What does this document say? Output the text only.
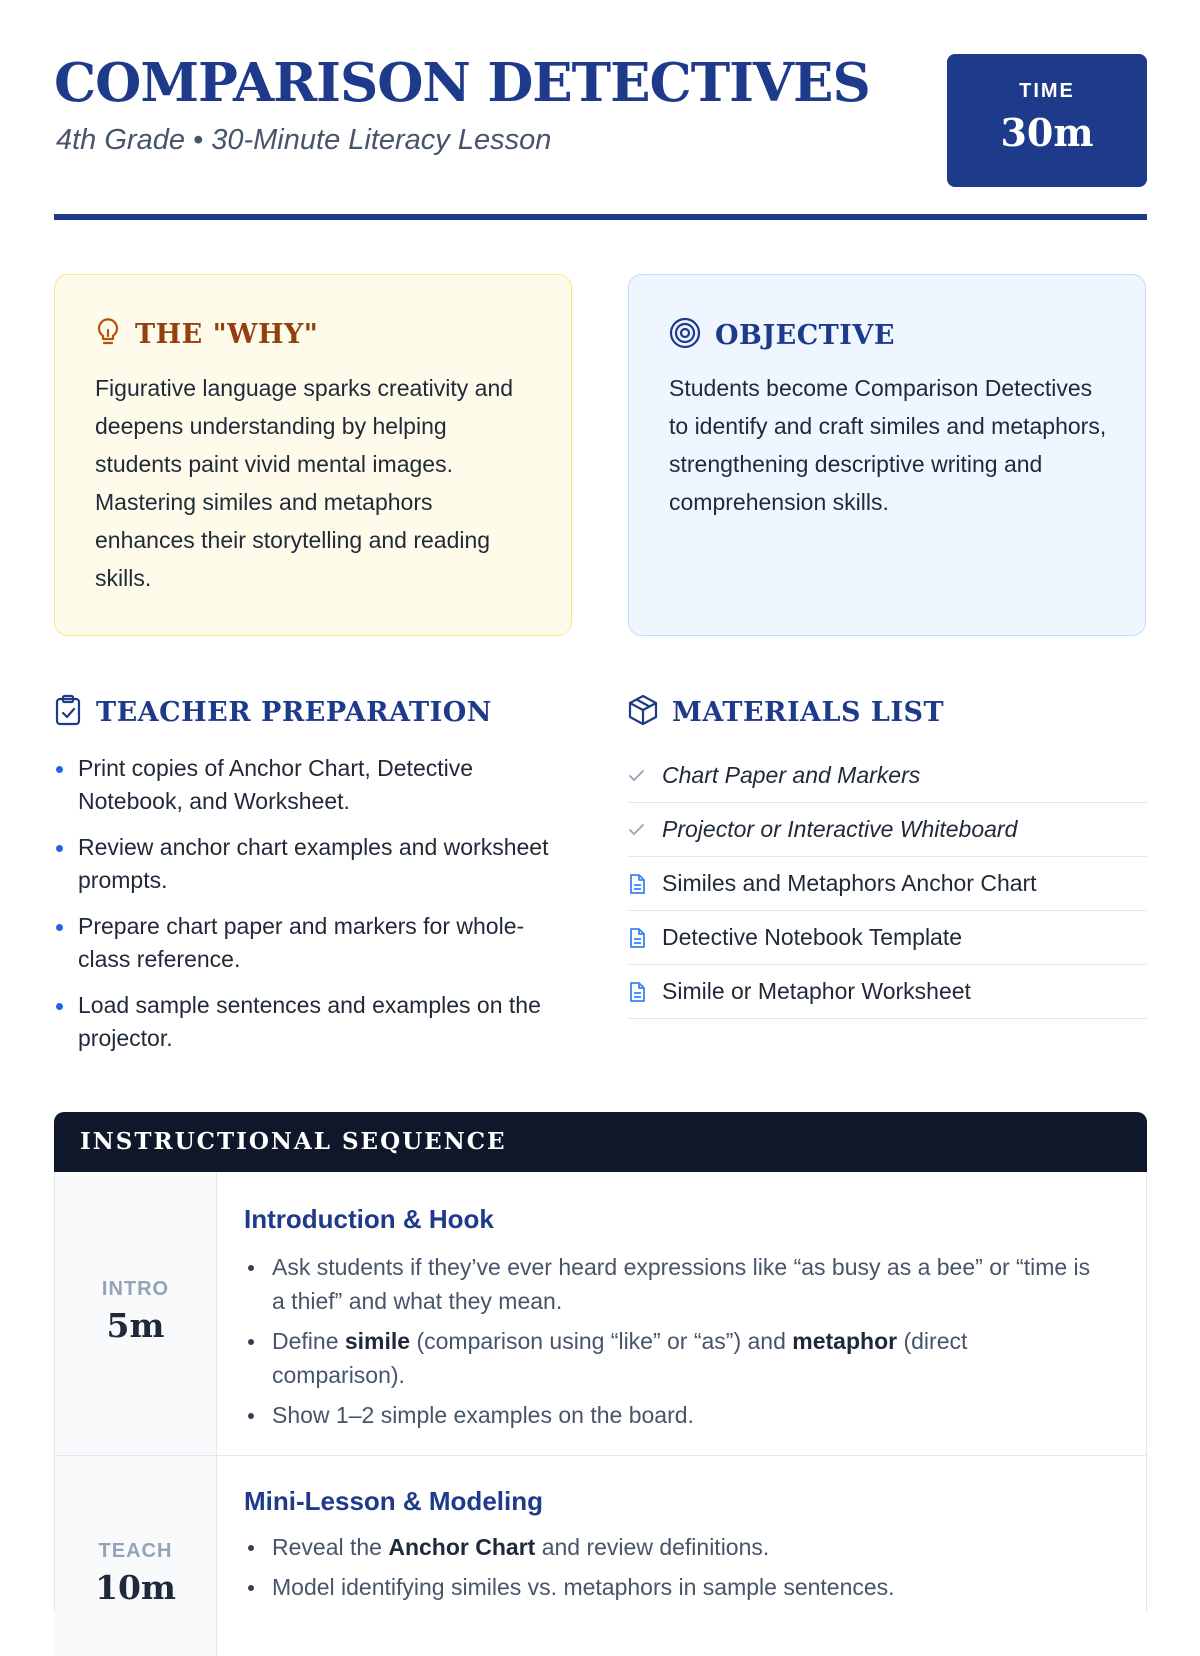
COMPARISON DETECTIVES
4th Grade • 30-Minute Literacy Lesson
TIME
30m
THE "WHY"
Figurative language sparks creativity and deepens understanding by helping students paint vivid mental images. Mastering similes and metaphors enhances their storytelling and reading skills.
OBJECTIVE
Students become Comparison Detectives to identify and craft similes and metaphors, strengthening descriptive writing and comprehension skills.
TEACHER PREPARATION
Print copies of Anchor Chart, Detective Notebook, and Worksheet.
Review anchor chart examples and worksheet prompts.
Prepare chart paper and markers for whole-class reference.
Load sample sentences and examples on the projector.
MATERIALS LIST
Chart Paper and Markers
Projector or Interactive Whiteboard
Similes and Metaphors Anchor Chart
Detective Notebook Template
Simile or Metaphor Worksheet
INSTRUCTIONAL SEQUENCE
INTRO
5m
Introduction & Hook
Ask students if they’ve ever heard expressions like “as busy as a bee” or “time is a thief” and what they mean.
Define simile (comparison using “like” or “as”) and metaphor (direct comparison).
Show 1–2 simple examples on the board.
TEACH
10m
Mini-Lesson & Modeling
Reveal the Anchor Chart and review definitions.
Model identifying similes vs. metaphors in sample sentences.
